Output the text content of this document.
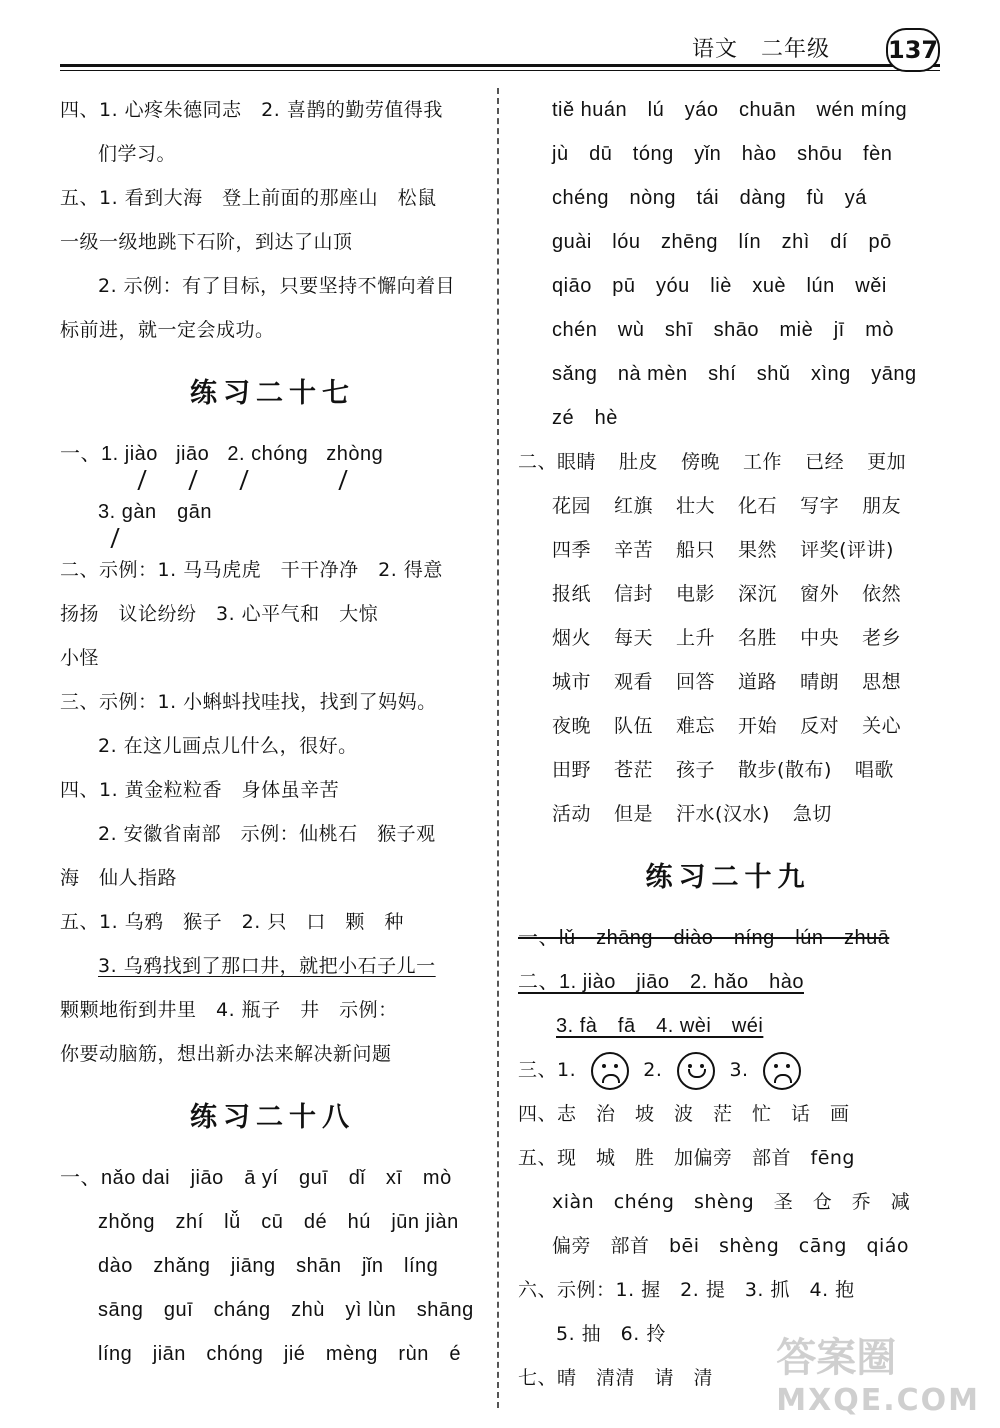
语文　二年级 137
四、1. 心疼朱德同志　2. 喜鹊的勤劳值得我
们学习。
五、1. 看到大海　登上前面的那座山　松鼠
一级一级地跳下石阶，到达了山顶
2. 示例：有了目标，只要坚持不懈向着目
标前进，就一定会成功。
练习二十七
一、1. jiào jiāo 2. chóng zhòng
3. gàn　gān
二、示例：1. 马马虎虎　干干净净　2. 得意
扬扬　议论纷纷　3. 心平气和　大惊
小怪
三、示例：1. 小蝌蚪找哇找，找到了妈妈。
2. 在这儿画点儿什么，很好。
四、1. 黄金粒粒香　身体虽辛苦
2. 安徽省南部　示例：仙桃石　猴子观
海　仙人指路
五、1. 乌鸦　猴子　2. 只　口　颗　种
3. 乌鸦找到了那口井，就把小石子儿一
颗颗地衔到井里　4. 瓶子　井　示例：
你要动脑筋，想出新办法来解决新问题
练习二十八
一、nǎo dai　jiāo　ā yí　guī　dǐ　xī　mò
zhǒng　zhí　lǚ　cū　dé　hú　jūn jiàn
dào　zhǎng　jiāng　shān　jǐn　líng
sāng　guī　cháng　zhù　yì lùn　shāng
líng　jiān　chóng　jié　mèng　rùn　é
tiě huán　lú　yáo　chuān　wén míng
jù　dū　tóng　yǐn　hào　shōu　fèn
chéng　nòng　tái　dàng　fù　yá
guài　lóu　zhēng　lín　zhì　dí　pō
qiāo　pū　yóu　liè　xuè　lún　wěi
chén　wù　shī　shāo　miè　jī　mò
sǎng　nà mèn　shí　shǔ　xìng　yāng
zé　hè
二、眼睛 肚皮 傍晚 工作 已经 更加
花园 红旗 壮大 化石 写字 朋友
四季 辛苦 船只 果然 评奖(评讲)
报纸 信封 电影 深沉 窗外 依然
烟火 每天 上升 名胜 中央 老乡
城市 观看 回答 道路 晴朗 思想
夜晚 队伍 难忘 开始 反对 关心
田野 苍茫 孩子 散步(散布) 唱歌
活动 但是 汗水(汉水) 急切
练习二十九
一、lǔ　zhāng　diào　níng　lún　zhuā
二、1. jiào　jiāo　2. hǎo　hào
3. fà　fā　4. wèi　wéi
三、1.	2.	3.
四、志　治　坡　波　茫　忙　话　画
五、现　城　胜　加偏旁　部首　fēng
xiàn　chéng　shèng　圣　仓　乔　减
偏旁　部首　bēi　shèng　cāng　qiáo
六、示例：1. 握　2. 提　3. 抓　4. 抱
5. 抽　6. 拎
七、晴　清清　请　清	答案圈
MXQE.COM
